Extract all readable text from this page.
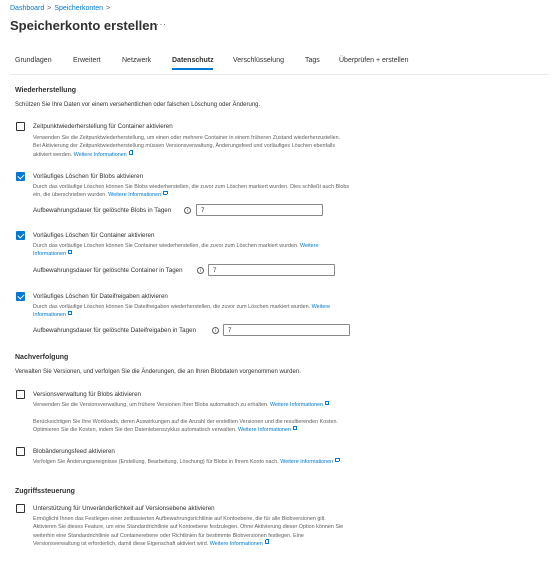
Dashboard > Speicherkonten >
Speicherkonto erstellen
···
Grundlagen	Erweitert	Netzwerk	Datenschutz	Verschlüsselung	Tags	Überprüfen + erstellen
Wiederherstellung
Schützen Sie Ihre Daten vor einem versehentlichen oder falschen Löschung oder Änderung.
Zeitpunktwiederherstellung für Container aktivieren
Verwenden Sie die Zeitpunktwiederherstellung, um einen oder mehrere Container in einem früheren Zustand wiederherzustellen.
Bei Aktivierung der Zeitpunktwiederherstellung müssen Versionsverwaltung, Änderungsfeed und vorläufiges Löschen ebenfalls
aktiviert werden. Weitere Informationen
Vorläufiges Löschen für Blobs aktivieren
Durch das vorläufige Löschen können Sie Blobs wiederherstellen, die zuvor zum Löschen markiert wurden. Dies schließt auch Blobs
ein, die überschrieben wurden. Weitere Informationen
Aufbewahrungsdauer für gelöschte Blobs in Tagen	i
7
Vorläufiges Löschen für Container aktivieren
Durch das vorläufige Löschen können Sie Container wiederherstellen, die zuvor zum Löschen markiert wurden. Weitere
Informationen
Aufbewahrungsdauer für gelöschte Container in Tagen	i
7
Vorläufiges Löschen für Dateifreigaben aktivieren
Durch das vorläufige Löschen können Sie Dateifreigaben wiederherstellen, die zuvor zum Löschen markiert wurden. Weitere
Informationen
Aufbewahrungsdauer für gelöschte Dateifreigaben in Tagen	i
7
Nachverfolgung
Verwalten Sie Versionen, und verfolgen Sie die Änderungen, die an Ihren Blobdaten vorgenommen wurden.
Versionsverwaltung für Blobs aktivieren
Verwenden Sie die Versionsverwaltung, um frühere Versionen Ihrer Blobs automatisch zu erhalten. Weitere Informationen
Berücksichtigen Sie Ihre Workloads, deren Auswirkungen auf die Anzahl der erstellten Versionen und die resultierenden Kosten.
Optimieren Sie die Kosten, indem Sie den Datenlebenszyklus automatisch verwalten. Weitere Informationen
Blobänderungsfeed aktivieren
Verfolgen Sie Änderungsereignisse (Erstellung, Bearbeitung, Löschung) für Blobs in Ihrem Konto nach. Weitere Informationen
Zugriffssteuerung
Unterstützung für Unveränderlichkeit auf Versionsebene aktivieren
Ermöglicht Ihnen das Festlegen einer zeitbasierten Aufbewahrungsrichtlinie auf Kontoebene, die für alle Blobversionen gilt.
Aktivieren Sie dieses Feature, um eine Standardrichtlinie auf Kontoebene festzulegen. Ohne Aktivierung dieser Option können Sie
weiterhin eine Standardrichtlinie auf Containerebene oder Richtlinien für bestimmte Blobversionen festlegen. Eine
Versionsverwaltung ist erforderlich, damit diese Eigenschaft aktiviert wird. Weitere Informationen
